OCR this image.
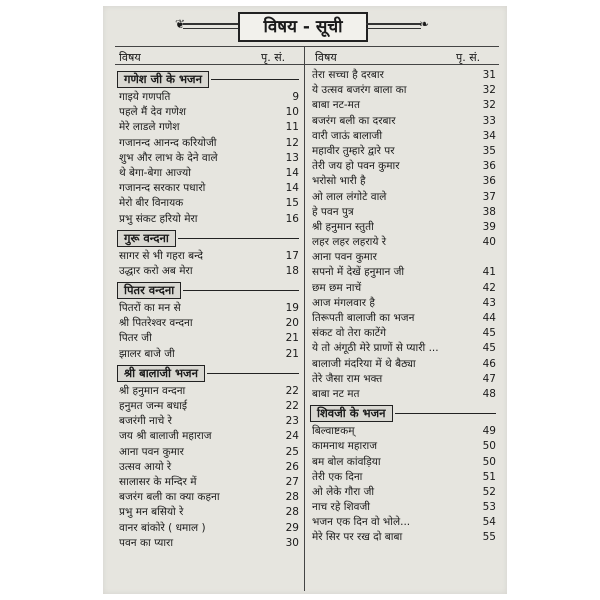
❦	विषय - सूची	❧
विषय	पृ. सं.	विषय	पृ. सं.
गणेश जी के भजन
गाइये गणपति	9
पहले मैं देव गणेश	10
मेरे लाडले गणेश	11
गजानन्द आनन्द करियोजी	12
शुभ और लाभ के देने वाले	13
थे बेगा-बेगा आज्यो	14
गजानन्द सरकार पधारो	14
मेरो बीर विनायक	15
प्रभु संकट हरियो मेरा	16
गुरू वन्दना
सागर से भी गहरा बन्दे	17
उद्धार करो अब मेरा	18
पितर वन्दना
पितरों का मन से	19
श्री पितरेश्वर वन्दना	20
पितर जी	21
झालर बाजे जी	21
श्री बालाजी भजन
श्री हनुमान वन्दना	22
हनुमत जन्म बधाई	22
बजरंगी नाचे रे	23
जय श्री बालाजी महाराज	24
आना पवन कुमार	25
उत्सव आयो रे	26
सालासर के मन्दिर में	27
बजरंग बली का क्या कहना	28
प्रभु मन बसियो रे	28
वानर बांकोरे ( धमाल )	29
पवन का प्यारा	30
तेरा सच्चा है दरबार	31
ये उत्सव बजरंग बाला का	32
बाबा नट-मत	32
बजरंग बली का दरबार	33
वारी जाऊं बालाजी	34
महावीर तुम्हारे द्वारे पर	35
तेरी जय हो पवन कुमार	36
भरोसो भारी है	36
ओ लाल लंगोटे वाले	37
हे पवन पुत्र	38
श्री हनुमान स्तुती	39
लहर लहर लहराये रे	40
आना पवन कुमार
सपनो में देखें हनुमान जी	41
छम छम नाचें	42
आज मंगलवार है	43
तिरूपती बालाजी का भजन	44
संकट वो तेरा काटेंगे	45
ये तो अंगूठी मेरे प्राणों से प्यारी ...	45
बालाजी मंदरिया में थे बैठ्या	46
तेरे जैसा राम भक्त	47
बाबा नट मत	48
शिवजी के भजन
बिल्वाष्टकम्	49
कामनाथ महाराज	50
बम बोल कांवड़िया	50
तेरी एक दिना	51
ओ लेके गौरा जी	52
नाच रहे शिवजी	53
भजन एक दिन वो भोले...	54
मेरे सिर पर रख दो बाबा	55
